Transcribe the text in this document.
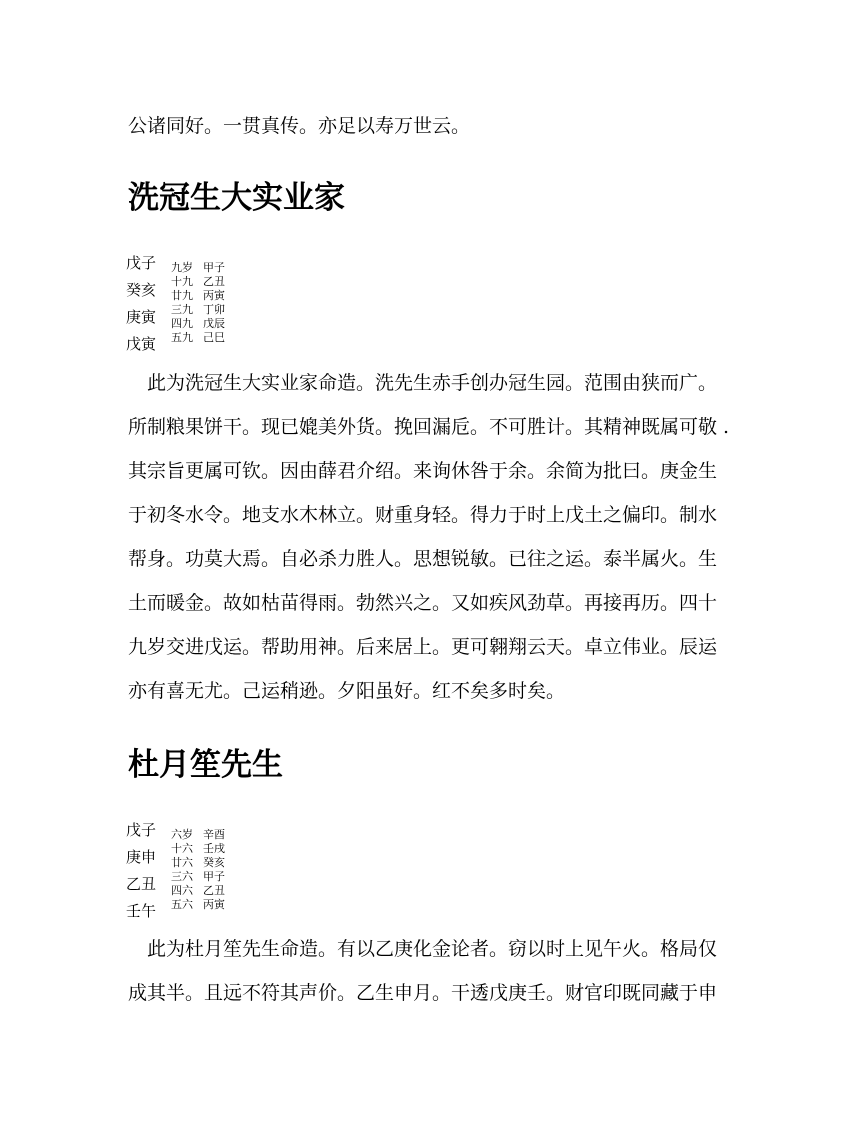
公诸同好。一贯真传。亦足以寿万世云。

洗冠生大实业家
戊子
癸亥
庚寅
戊寅
九岁 甲子
十九 乙丑
廿九 丙寅
三九 丁卯
四九 戊辰
五九 己巳

　此为洗冠生大实业家命造。洗先生赤手创办冠生园。范围由狭而广。

所制粮果饼干。现已媲美外货。挽回漏卮。不可胜计。其精神既属可敬 .

其宗旨更属可钦。因由薛君介绍。来询休咎于余。余简为批曰。庚金生

于初冬水令。地支水木林立。财重身轻。得力于时上戊土之偏印。制水

帮身。功莫大焉。自必杀力胜人。思想锐敏。已往之运。泰半属火。生

土而暖金。故如枯苗得雨。勃然兴之。又如疾风劲草。再接再历。四十

九岁交进戊运。帮助用神。后来居上。更可翱翔云天。卓立伟业。辰运

亦有喜无尤。己运稍逊。夕阳虽好。红不矣多时矣。

杜月笙先生
戊子
庚申
乙丑
壬午
六岁 辛酉
十六 壬戌
廿六 癸亥
三六 甲子
四六 乙丑
五六 丙寅

　此为杜月笙先生命造。有以乙庚化金论者。窃以时上见午火。格局仅

成其半。且远不符其声价。乙生申月。干透戊庚壬。财官印既同藏于申
